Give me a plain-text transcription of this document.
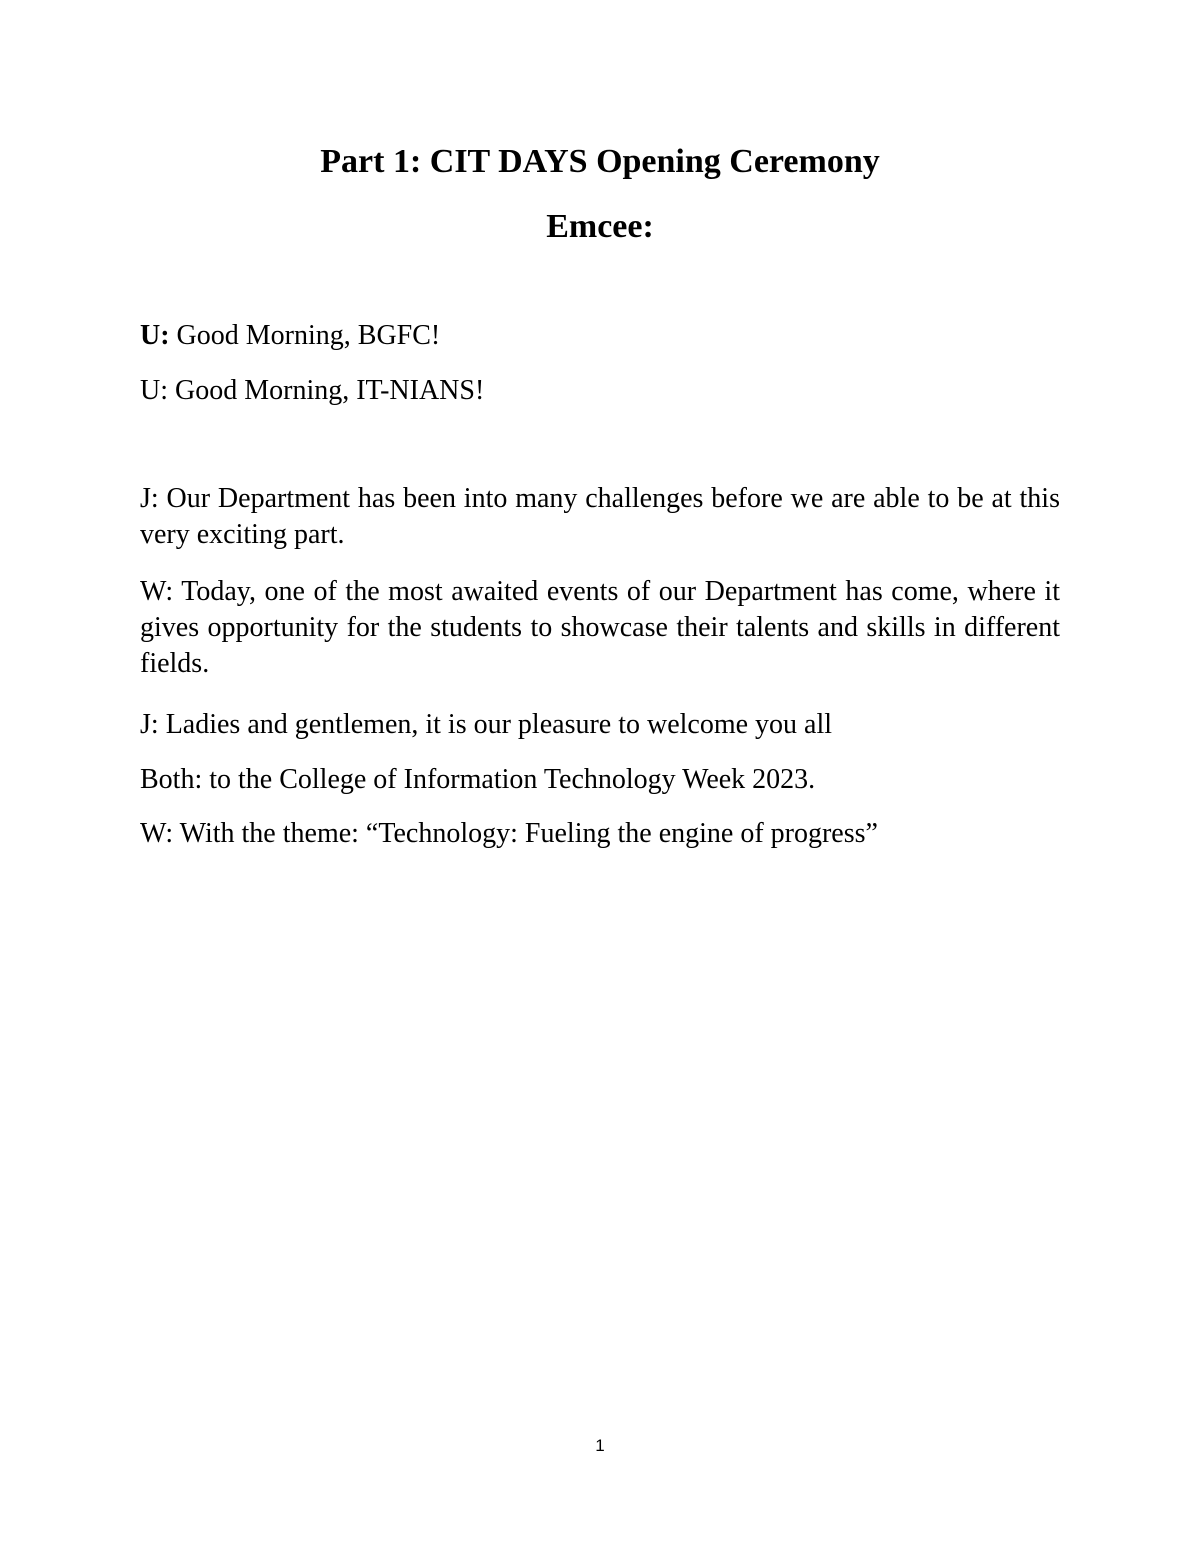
Part 1: CIT DAYS Opening Ceremony
Emcee:
U: Good Morning, BGFC!
U: Good Morning, IT-NIANS!
J: Our Department has been into many challenges before we are able to be at this very exciting part.
W: Today, one of the most awaited events of our Department has come, where it gives opportunity for the students to showcase their talents and skills in different fields.
J: Ladies and gentlemen, it is our pleasure to welcome you all
Both: to the College of Information Technology Week 2023.
W: With the theme: “Technology: Fueling the engine of progress”
1
